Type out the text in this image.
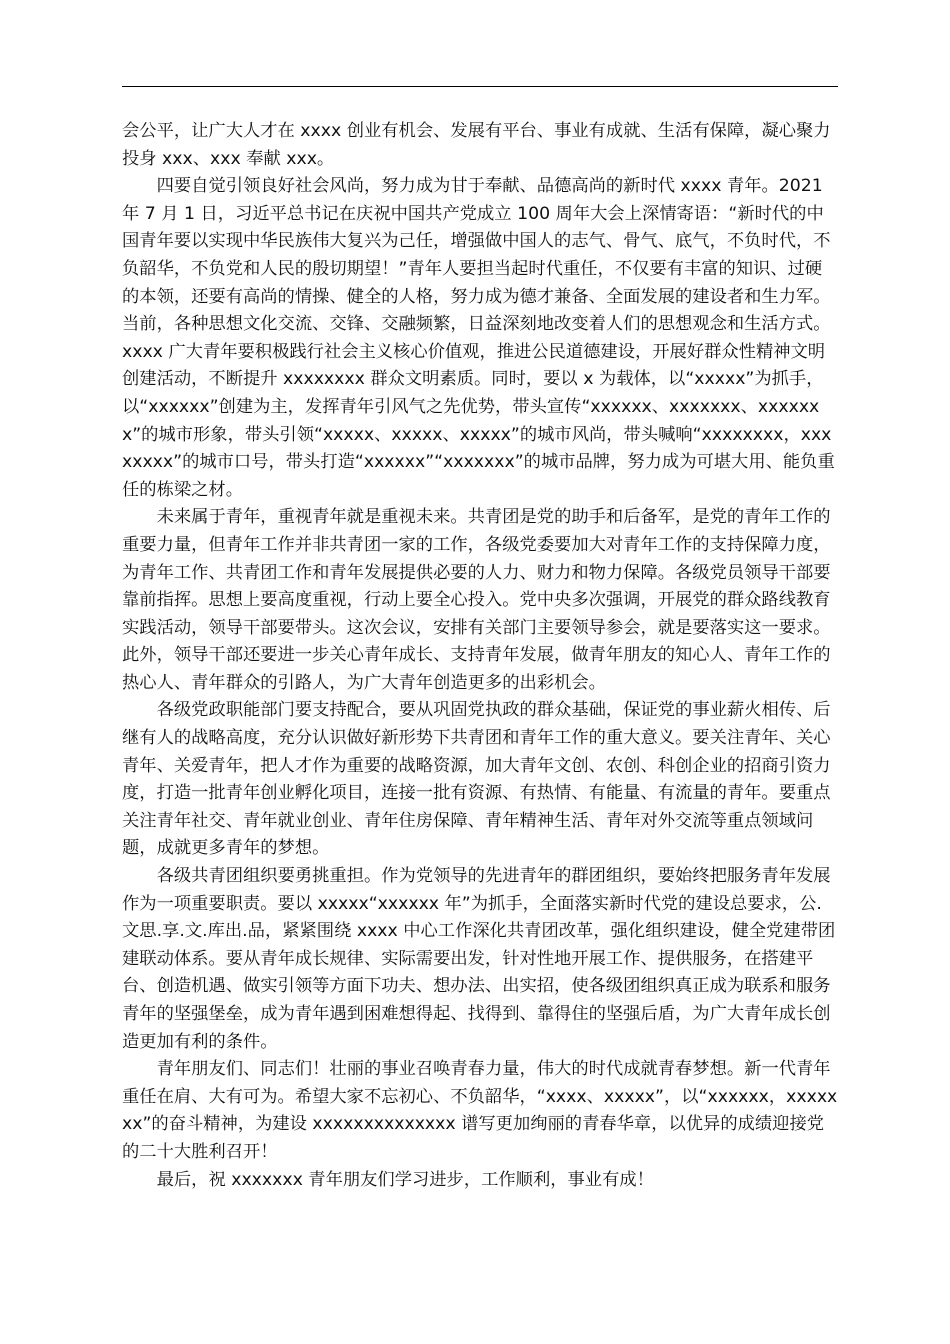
会公平，让广大人才在 xxxx 创业有机会、发展有平台、事业有成就、生活有保障，凝心聚力投身 xxx、xxx 奉献 xxx。

四要自觉引领良好社会风尚，努力成为甘于奉献、品德高尚的新时代 xxxx 青年。2021 年 7 月 1 日，习近平总书记在庆祝中国共产党成立 100 周年大会上深情寄语：“新时代的中国青年要以实现中华民族伟大复兴为己任，增强做中国人的志气、骨气、底气，不负时代，不负韶华，不负党和人民的殷切期望！”青年人要担当起时代重任，不仅要有丰富的知识、过硬的本领，还要有高尚的情操、健全的人格，努力成为德才兼备、全面发展的建设者和生力军。当前，各种思想文化交流、交锋、交融频繁，日益深刻地改变着人们的思想观念和生活方式。xxxx 广大青年要积极践行社会主义核心价值观，推进公民道德建设，开展好群众性精神文明创建活动，不断提升 xxxxxxxx 群众文明素质。同时，要以 x 为载体，以“xxxxx”为抓手，以“xxxxxx”创建为主，发挥青年引风气之先优势，带头宣传“xxxxxx、xxxxxxx、xxxxxxx”的城市形象，带头引领“xxxxx、xxxxx、xxxxx”的城市风尚，带头喊响“xxxxxxxx，xxxxxxxx”的城市口号，带头打造“xxxxxx”“xxxxxxx”的城市品牌，努力成为可堪大用、能负重任的栋梁之材。

未来属于青年，重视青年就是重视未来。共青团是党的助手和后备军，是党的青年工作的重要力量，但青年工作并非共青团一家的工作，各级党委要加大对青年工作的支持保障力度，为青年工作、共青团工作和青年发展提供必要的人力、财力和物力保障。各级党员领导干部要靠前指挥。思想上要高度重视，行动上要全心投入。党中央多次强调，开展党的群众路线教育实践活动，领导干部要带头。这次会议，安排有关部门主要领导参会，就是要落实这一要求。此外，领导干部还要进一步关心青年成长、支持青年发展，做青年朋友的知心人、青年工作的热心人、青年群众的引路人，为广大青年创造更多的出彩机会。

各级党政职能部门要支持配合，要从巩固党执政的群众基础，保证党的事业薪火相传、后继有人的战略高度，充分认识做好新形势下共青团和青年工作的重大意义。要关注青年、关心青年、关爱青年，把人才作为重要的战略资源，加大青年文创、农创、科创企业的招商引资力度，打造一批青年创业孵化项目，连接一批有资源、有热情、有能量、有流量的青年。要重点关注青年社交、青年就业创业、青年住房保障、青年精神生活、青年对外交流等重点领域问题，成就更多青年的梦想。

各级共青团组织要勇挑重担。作为党领导的先进青年的群团组织，要始终把服务青年发展作为一项重要职责。要以 xxxxx“xxxxxx 年”为抓手，全面落实新时代党的建设总要求，公.文思.享.文.库出.品，紧紧围绕 xxxx 中心工作深化共青团改革，强化组织建设，健全党建带团建联动体系。要从青年成长规律、实际需要出发，针对性地开展工作、提供服务，在搭建平台、创造机遇、做实引领等方面下功夫、想办法、出实招，使各级团组织真正成为联系和服务青年的坚强堡垒，成为青年遇到困难想得起、找得到、靠得住的坚强后盾，为广大青年成长创造更加有利的条件。

青年朋友们、同志们！壮丽的事业召唤青春力量，伟大的时代成就青春梦想。新一代青年重任在肩、大有可为。希望大家不忘初心、不负韶华，“xxxx、xxxxx”，以“xxxxxx，xxxxxxx”的奋斗精神，为建设 xxxxxxxxxxxxxx 谱写更加绚丽的青春华章，以优异的成绩迎接党的二十大胜利召开！

最后，祝 xxxxxxx 青年朋友们学习进步，工作顺利，事业有成！
